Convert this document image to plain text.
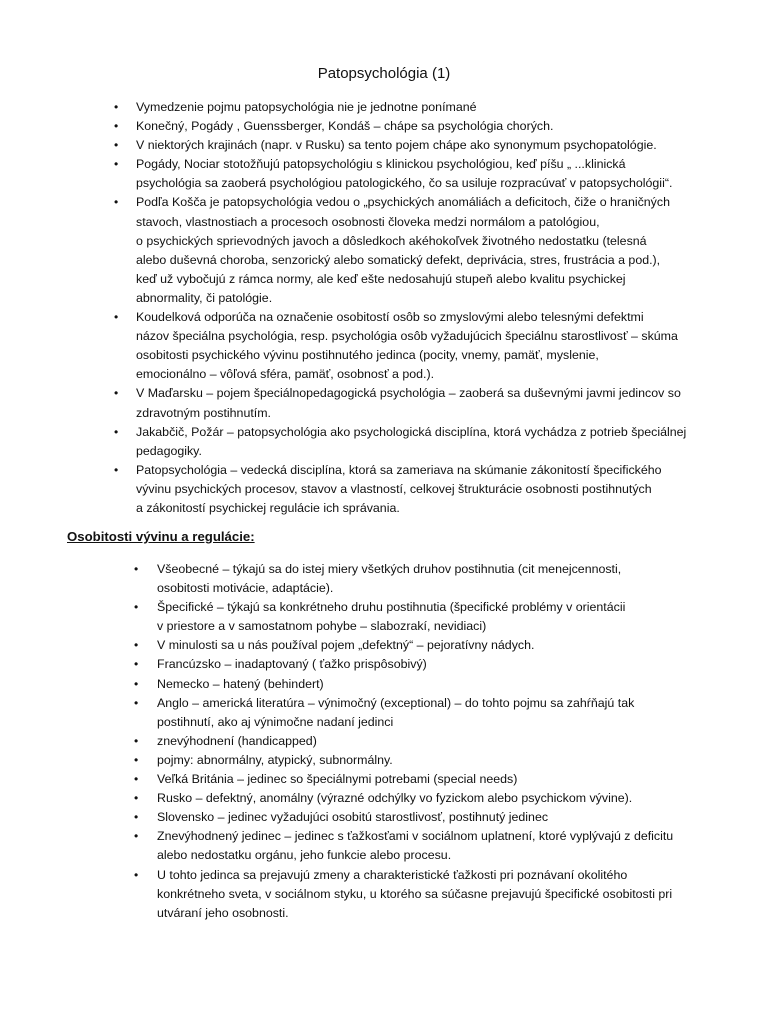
Patopsychológia (1)
• Vymedzenie pojmu patopsychológia nie je jednotne ponímané
• Konečný, Pogády , Guenssberger, Kondáš – chápe sa psychológia chorých.
• V niektorých krajinách (napr. v Rusku) sa tento pojem chápe ako synonymum psychopatológie.
• Pogády, Nociar stotožňujú patopsychológiu s klinickou psychológiou, keď píšu „ ...klinická
psychológia sa zaoberá psychológiou patologického, čo sa usiluje rozpracúvať v patopsychológii“.
• Podľa Košča je patopsychológia vedou o „psychických anomáliách a deficitoch, čiže o hraničných
stavoch, vlastnostiach a procesoch osobnosti človeka medzi normálom a patológiou,
o psychických sprievodných javoch a dôsledkoch akéhokoľvek životného nedostatku (telesná
alebo duševná choroba, senzorický alebo somatický defekt, deprivácia, stres, frustrácia a pod.),
keď už vybočujú z rámca normy, ale keď ešte nedosahujú stupeň alebo kvalitu psychickej
abnormality, či patológie.
• Koudelková odporúča na označenie osobitostí osôb so zmyslovými alebo telesnými defektmi
názov špeciálna psychológia, resp. psychológia osôb vyžadujúcich špeciálnu starostlivosť – skúma
osobitosti psychického vývinu postihnutého jedinca (pocity, vnemy, pamäť, myslenie,
emocionálno – vôľová sféra, pamäť, osobnosť a pod.).
• V Maďarsku – pojem špeciálnopedagogická psychológia – zaoberá sa duševnými javmi jedincov so
zdravotným postihnutím.
• Jakabčič, Požár – patopsychológia ako psychologická disciplína, ktorá vychádza z potrieb špeciálnej
pedagogiky.
• Patopsychológia – vedecká disciplína, ktorá sa zameriava na skúmanie zákonitostí špecifického
vývinu psychických procesov, stavov a vlastností, celkovej štrukturácie osobnosti postihnutých
a zákonitostí psychickej regulácie ich správania.
Osobitosti vývinu a regulácie:
• Všeobecné – týkajú sa do istej miery všetkých druhov postihnutia (cit menejcennosti,
osobitosti motivácie, adaptácie).
• Špecifické – týkajú sa konkrétneho druhu postihnutia (špecifické problémy v orientácii
v priestore a v samostatnom pohybe – slabozrakí, nevidiaci)
• V minulosti sa u nás používal pojem „defektný“ – pejoratívny nádych.
• Francúzsko – inadaptovaný ( ťažko prispôsobivý)
• Nemecko – hatený (behindert)
• Anglo – americká literatúra – výnimočný (exceptional) – do tohto pojmu sa zahŕňajú tak
postihnutí, ako aj výnimočne nadaní jedinci
• znevýhodnení (handicapped)
• pojmy: abnormálny, atypický, subnormálny.
• Veľká Británia – jedinec so špeciálnymi potrebami (special needs)
• Rusko – defektný, anomálny (výrazné odchýlky vo fyzickom alebo psychickom vývine).
• Slovensko – jedinec vyžadujúci osobitú starostlivosť, postihnutý jedinec
• Znevýhodnený jedinec – jedinec s ťažkosťami v sociálnom uplatnení, ktoré vyplývajú z deficitu
alebo nedostatku orgánu, jeho funkcie alebo procesu.
• U tohto jedinca sa prejavujú zmeny a charakteristické ťažkosti pri poznávaní okolitého
konkrétneho sveta, v sociálnom styku, u ktorého sa súčasne prejavujú špecifické osobitosti pri
utváraní jeho osobnosti.
